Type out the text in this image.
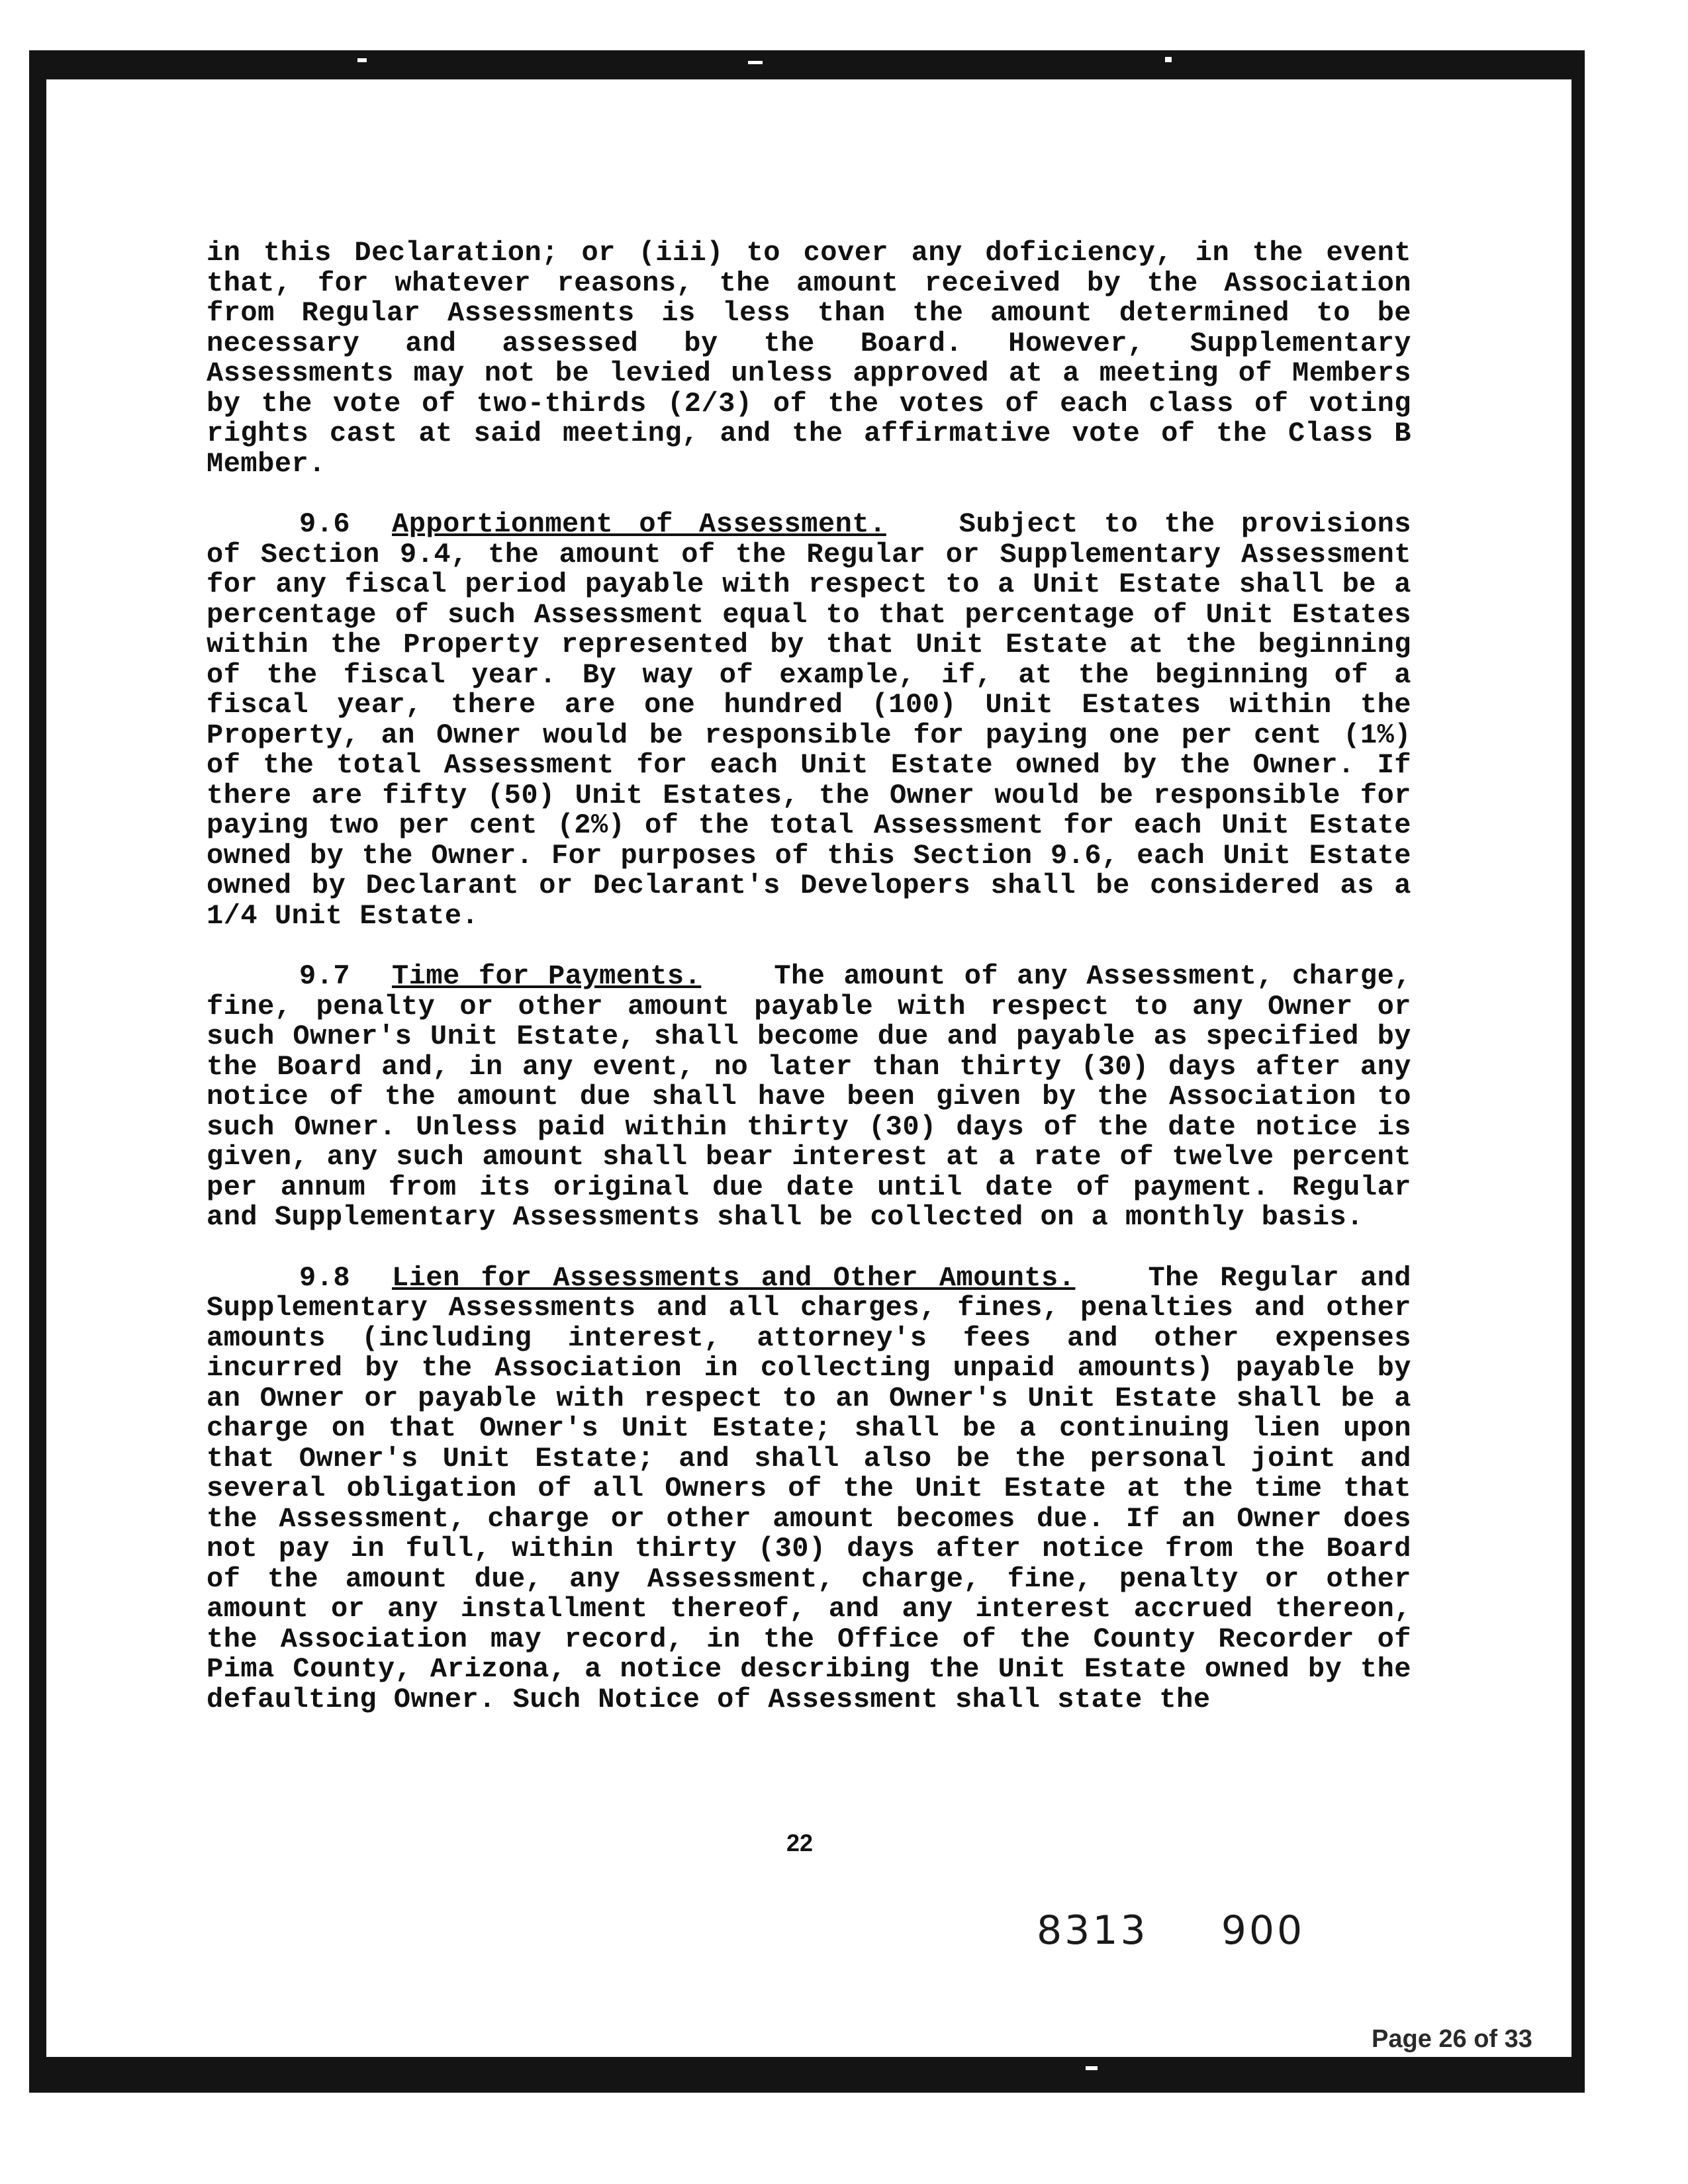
in this Declaration; or (iii) to cover any doficiency, in the event that, for whatever reasons, the amount received by the Association from Regular Assessments is less than the amount determined to be necessary and assessed by the Board. However, Supplementary Assessments may not be levied unless approved at a meeting of Members by the vote of two-thirds (2/3) of the votes of each class of voting rights cast at said meeting, and the affirmative vote of the Class B Member.

9.6 Apportionment of Assessment.	Subject to the provisions of Section 9.4, the amount of the Regular or Supplementary Assessment for any fiscal period payable with respect to a Unit Estate shall be a percentage of such Assessment equal to that percentage of Unit Estates within the Property represented by that Unit Estate at the beginning of the fiscal year. By way of example, if, at the beginning of a fiscal year, there are one hundred (100) Unit Estates within the Property, an Owner would be responsible for paying one per cent (1%) of the total Assessment for each Unit Estate owned by the Owner. If there are fifty (50) Unit Estates, the Owner would be responsible for paying two per cent (2%) of the total Assessment for each Unit Estate owned by the Owner. For purposes of this Section 9.6, each Unit Estate owned by Declarant or Declarant's Developers shall be considered as a 1/4 Unit Estate.

9.7 Time for Payments.	The amount of any Assessment, charge, fine, penalty or other amount payable with respect to any Owner or such Owner's Unit Estate, shall become due and payable as specified by the Board and, in any event, no later than thirty (30) days after any notice of the amount due shall have been given by the Association to such Owner. Unless paid within thirty (30) days of the date notice is given, any such amount shall bear interest at a rate of twelve percent per annum from its original due date until date of payment. Regular and Supplementary Assessments shall be collected on a monthly basis.

9.8 Lien for Assessments and Other Amounts.	The Regular and Supplementary Assessments and all charges, fines, penalties and other amounts (including interest, attorney's fees and other expenses incurred by the Association in collecting unpaid amounts) payable by an Owner or payable with respect to an Owner's Unit Estate shall be a charge on that Owner's Unit Estate; shall be a continuing lien upon that Owner's Unit Estate; and shall also be the personal joint and several obligation of all Owners of the Unit Estate at the time that the Assessment, charge or other amount becomes due. If an Owner does not pay in full, within thirty (30) days after notice from the Board of the amount due, any Assessment, charge, fine, penalty or other amount or any installment thereof, and any interest accrued thereon, the Association may record, in the Office of the County Recorder of Pima County, Arizona, a notice describing the Unit Estate owned by the defaulting Owner. Such Notice of Assessment shall state the

22
8313 900
Page 26 of 33
